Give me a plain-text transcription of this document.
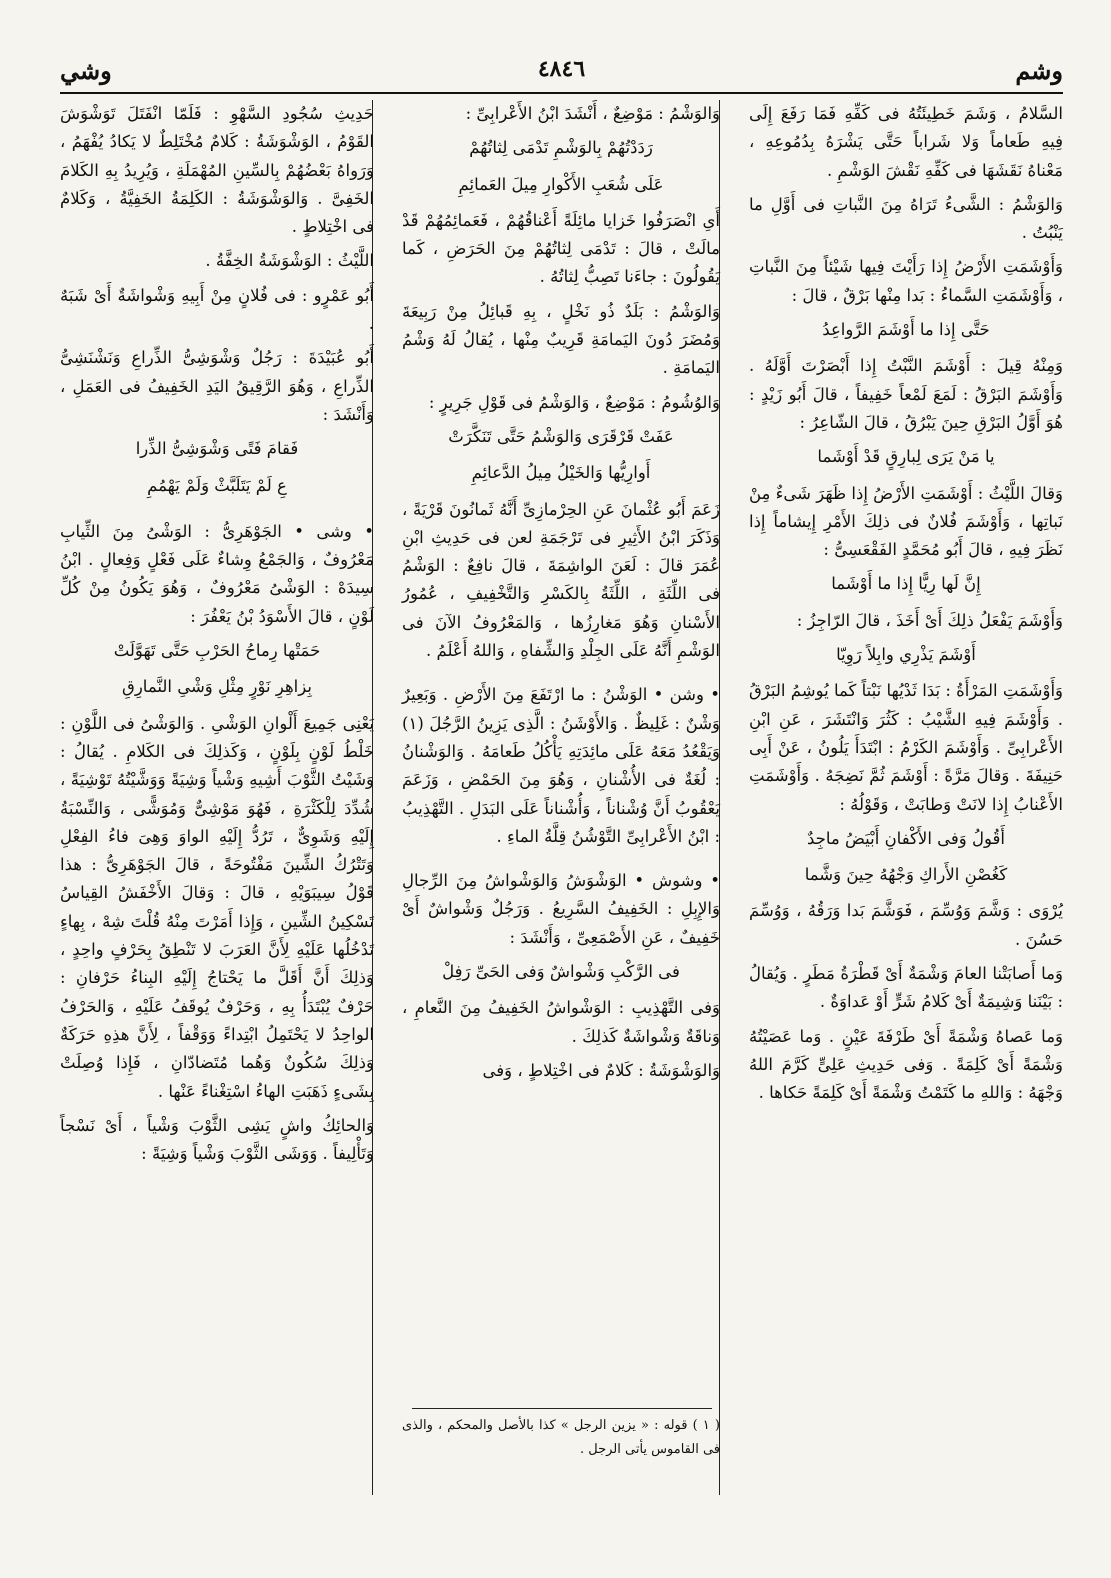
وشم
٤٨٤٦
وشي

السَّلامُ ، وَشَمَ خَطِيئَتُهُ فى كَفِّهِ فَمَا رَفَعَ إِلَى فِيهِ طَعاماً وَلا شَراباً حَتَّى يَشْرَهُ بِدُمُوعِهِ ، مَعْناهُ نَقَشَهَا فى كَفِّهِ نَقْشَ الوَشْمِ .

وَالوَشْمُ : الشَّىءُ تَرَاهُ مِنَ النَّباتِ فى أَوَّلِ ما يَنْبُتُ .

وَأَوْشَمَتِ الأَرْضُ إِذا رَأَيْتَ فِيها شَيْئاً مِنَ النَّباتِ ، وَأَوْشَمَتِ السَّماءُ : بَدا مِنْها بَرْقٌ ، قالَ :

حَتَّى إِذا ما أَوْشَمَ الرَّواعِدُ

وَمِنْهُ قِيلَ : أَوْشَمَ النَّبْتُ إِذا أَبْصَرْتَ أَوَّلَهُ . وَأَوْشَمَ البَرْقُ : لَمَعَ لَمْعاً خَفِيفاً ، قالَ أَبُو زَيْدٍ : هُوَ أَوَّلُ البَرْقِ حِينَ يَبْرُقُ ، قالَ الشّاعِرُ :

يا مَنْ يَرَى لِبارِقٍ قَدْ أَوْشَما

وَقالَ اللَّيْثُ : أَوْشَمَتِ الأَرْضُ إِذا ظَهَرَ شَىءٌ مِنْ نَباتِها ، وَأَوْشَمَ فُلانٌ فى ذلِكَ الأَمْرِ إِيشاماً إِذا نَظَرَ فِيهِ ، قالَ أَبُو مُحَمَّدٍ الفَقْعَسِىُّ :

إِنَّ لَها رِيًّا إِذا ما أَوْشَما

وَأَوْشَمَ يَفْعَلُ ذلِكَ أَىْ أَخَذَ ، قالَ الرّاجِزُ :

أَوْشَمَ يَذْرِي وابِلاً رَوِيّا

وَأَوْشَمَتِ المَرْأَةُ : بَدَا ثَدْيُها نَبْتاً كَما يُوشِمُ البَرْقُ . وَأَوْشَمَ فِيهِ الشَّيْبُ : كَثُرَ وَانْتَشَرَ ، عَنِ ابْنِ الأَعْرابِىِّ . وَأَوْشَمَ الكَرْمُ : ابْتَدَأَ يَلُونُ ، عَنْ أَبِى حَنِيفَةَ . وَقالَ مَرَّةً : أَوْشَمَ ثُمَّ نَضِجَهُ . وَأَوْشَمَتِ الأَعْنابُ إِذا لانَتْ وَطابَتْ ، وَقَوْلُهُ :

أَقُولُ وَفى الأَكْفانِ أَبْيَضُ ماجِدٌ
كَغُصْنِ الأَراكِ وَجْهُهُ حِينَ وَشَّما

يُرْوَى : وَشَّمَ وَوُسِّمَ ، فَوَشَّمَ بَدا وَرَقُهُ ، وَوُسِّمَ حَسُنَ .

وَما أَصابَتْنا العامَ وَشْمَةٌ أَىْ قَطْرَةُ مَطَرٍ . وَيُقالُ : بَيْنَنا وَشِيمَةٌ أَىْ كَلامُ شَرٍّ أَوْ عَداوَةٌ .

وَما عَصاهُ وَشْمَةً أَىْ طَرْفَةَ عَيْنٍ . وَما عَصَيْتُهُ وَشْمَةً أَىْ كَلِمَةً . وَفى حَدِيثِ عَلِىٍّ كَرَّمَ اللهُ وَجْهَهُ : وَاللهِ ما كَتَمْتُ وَشْمَةً أَىْ كَلِمَةً حَكاها .

وَالوَشْمُ : مَوْضِعٌ ، أَنْشَدَ ابْنُ الأَعْرابِىِّ :

رَدَدْتُهُمْ بِالوَشْمِ تَدْمَى لِثاتُهُمْ
عَلَى شُعَبِ الأَكْوارِ مِيلَ العَمائِمِ

أَىِ انْصَرَفُوا خَزايا مائِلَةً أَعْناقُهُمْ ، فَعَمائِمُهُمْ قَدْ مالَتْ ، قالَ : تَدْمَى لِثاتُهُمْ مِنَ الحَرَضِ ، كَما يَقُولُونَ : جاءَنا تَصِبُّ لِثاتُهُ .

وَالوَشْمُ : بَلَدٌ ذُو نَخْلٍ ، بِهِ قَبائِلُ مِنْ رَبِيعَةَ وَمُضَرَ دُونَ اليَمامَةِ قَرِيبٌ مِنْها ، يُقالُ لَهُ وَشْمُ اليَمامَةِ .

وَالوُشُومُ : مَوْضِعٌ ، وَالوَشْمُ فى قَوْلِ جَرِيرٍ :

عَفَتْ قَرْقَرَى وَالوَشْمُ حَتَّى تَنَكَّرَتْ
أَوارِيُّها وَالخَيْلُ مِيلُ الدَّعائِمِ

زَعَمَ أَبُو عُثْمانَ عَنِ الحِرْمازِىِّ أَنَّهُ ثَمانُونَ قَرْيَةً ، وَذَكَرَ ابْنُ الأَثِيرِ فى تَرْجَمَةِ لعن فى حَدِيثِ ابْنِ عُمَرَ قالَ : لَعَنَ الواشِمَةَ ، قالَ نافِعٌ : الوَشْمُ فى اللِّثَةِ ، اللِّثَةُ بِالكَسْرِ وَالتَّخْفِيفِ ، عُمُورُ الأَسْنانِ وَهُوَ مَغارِزُها ، وَالمَعْرُوفُ الآنَ فى الوَشْمِ أَنَّهُ عَلَى الجِلْدِ وَالشِّفاهِ ، وَاللهُ أَعْلَمُ .

• وشن • الوَشْنُ : ما ارْتَفَعَ مِنَ الأَرْضِ . وَبَعِيرٌ وَشْنٌ : غَلِيظٌ . وَالأَوْشَنُ : الَّذِى يَزِينُ الرَّجُلَ (١) وَيَقْعُدُ مَعَهُ عَلَى مائِدَتِهِ يَأْكُلُ طَعامَهُ . وَالوَشْنانُ : لُغَةٌ فى الأُشْنانِ ، وَهُوَ مِنَ الحَمْضِ ، وَزَعَمَ يَعْقُوبُ أَنَّ وُشْناناً ، وَأُشْناناً عَلَى البَدَلِ . التَّهْذِيبُ : ابْنُ الأَعْرابِىِّ التَّوْشُنُ قِلَّةُ الماءِ .

• وشوش • الوَشْوَشُ وَالوَشْواشُ مِنَ الرِّجالِ وَالإِبِلِ : الخَفِيفُ السَّرِيعُ . وَرَجُلٌ وَشْواشٌ أَىْ خَفِيفٌ ، عَنِ الأَصْمَعِىِّ ، وَأَنْشَدَ :

فى الرَّكْبِ وَشْواشٌ وَفى الحَىِّ رَفِلْ

وَفى التَّهْذِيبِ : الوَشْواشُ الخَفِيفُ مِنَ النَّعامِ ، وَناقَةٌ وَشْواشَةٌ كَذلِكَ .

وَالوَشْوَشَةُ : كَلامٌ فى اخْتِلاطٍ ، وَفى

حَدِيثِ سُجُودِ السَّهْوِ : فَلَمّا انْفَتَلَ تَوَشْوَشَ القَوْمُ ، الوَشْوَشَةُ : كَلامٌ مُخْتَلِطٌ لا يَكادُ يُفْهَمُ ، وَرَواهُ بَعْضُهُمْ بِالسِّينِ المُهْمَلَةِ ، وَيُرِيدُ بِهِ الكَلامَ الخَفِىَّ . وَالوَشْوَشَةُ : الكَلِمَةُ الخَفِيَّةُ ، وَكَلامٌ فى اخْتِلاطٍ .

اللَّيْثُ : الوَشْوَشَةُ الخِفَّةُ .

أَبُو عَمْرٍو : فى فُلانٍ مِنْ أَبِيهِ وَشْواشَةٌ أَىْ شَبَهٌ .

أَبُو عُبَيْدَةَ : رَجُلٌ وَشْوَشِىُّ الذِّراعِ وَنَشْنَشِىُّ الذِّراعِ ، وَهُوَ الرَّقِيقُ اليَدِ الخَفِيفُ فى العَمَلِ ، وَأَنْشَدَ :

فَقامَ فَتًى وَشْوَشِىُّ الذِّرا
عِ لَمْ يَتَلَبَّثْ وَلَمْ يَهْمُمِ

• وشى • الجَوْهَرِىُّ : الوَشْىُ مِنَ الثِّيابِ مَعْرُوفٌ ، وَالجَمْعُ وِشاءٌ عَلَى فَعْلٍ وَفِعالٍ . ابْنُ سِيدَهْ : الوَشْىُ مَعْرُوفٌ ، وَهُوَ يَكُونُ مِنْ كُلِّ لَوْنٍ ، قالَ الأَسْوَدُ بْنُ يَعْفُرَ :

حَمَتْها رِماحُ الحَرْبِ حَتَّى تَهَوَّلَتْ
بِزاهِرِ نَوْرٍ مِثْلِ وَشْىِ النَّمارِقِ

يَعْنِى جَمِيعَ أَلْوانِ الوَشْىِ . وَالوَشْىُ فى اللَّوْنِ : خَلْطُ لَوْنٍ بِلَوْنٍ ، وَكَذلِكَ فى الكَلامِ . يُقالُ : وَشَيْتُ الثَّوْبَ أَشِيهِ وَشْياً وَشِيَةً وَوَشَّيْتُهُ تَوْشِيَةً ، شُدِّدَ لِلْكَثْرَةِ ، فَهُوَ مَوْشِىٌّ وَمُوَشًّى ، وَالنِّسْبَةُ إِلَيْهِ وَشَوِىٌّ ، تَرُدُّ إِلَيْهِ الواوَ وَهِىَ فاءُ الفِعْلِ وَتَتْرُكُ الشِّينَ مَفْتُوحَةً ، قالَ الجَوْهَرِىُّ : هذا قَوْلُ سِيبَوَيْهِ ، قالَ : وَقالَ الأَخْفَشُ القِياسُ تَسْكِينُ الشِّينِ ، وَإِذا أَمَرْتَ مِنْهُ قُلْتَ شِهْ ، بِهاءٍ تَدْخُلُها عَلَيْهِ لِأَنَّ العَرَبَ لا تَنْطِقُ بِحَرْفٍ واحِدٍ ، وَذلِكَ أَنَّ أَقَلَّ ما يَحْتاجُ إِلَيْهِ البِناءُ حَرْفانِ : حَرْفٌ يُبْتَدَأُ بِهِ ، وَحَرْفٌ يُوقَفُ عَلَيْهِ ، وَالحَرْفُ الواحِدُ لا يَحْتَمِلُ ابْتِداءً وَوَقْفاً ، لِأَنَّ هذِهِ حَرَكَةٌ وَذلِكَ سُكُونٌ وَهُما مُتَضادّانِ ، فَإِذا وُصِلَتْ بِشَىءٍ ذَهَبَتِ الهاءُ اسْتِغْناءً عَنْها .

وَالحائِكُ واشٍ يَشِى الثَّوْبَ وَشْياً ، أَىْ نَسْجاً وَتَأْلِيفاً . وَوَشَى الثَّوْبَ وَشْياً وَشِيَةً :

( ١ ) قوله : « يزين الرجل » كذا بالأصل والمحكم ، والذى فى القاموس يأتى الرجل .
